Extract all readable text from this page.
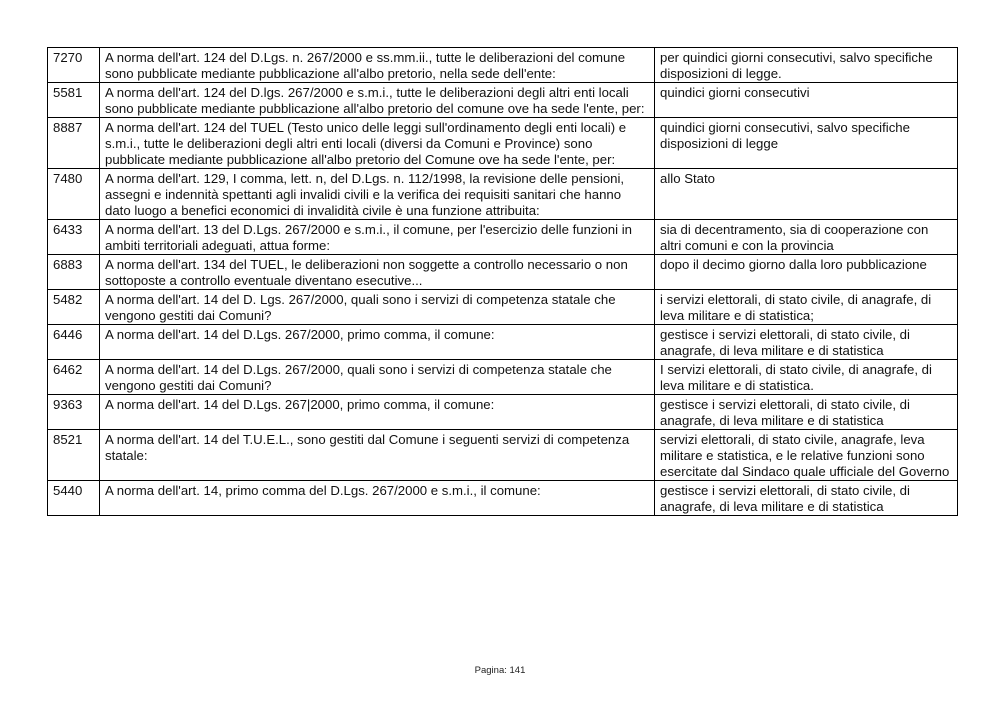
7270	A norma dell'art. 124 del D.Lgs. n. 267/2000 e ss.mm.ii., tutte le deliberazioni del comune sono pubblicate mediante pubblicazione all'albo pretorio, nella sede dell'ente:	per quindici giorni consecutivi, salvo specifiche disposizioni di legge.
5581	A norma dell'art. 124 del D.lgs. 267/2000 e s.m.i., tutte le deliberazioni degli altri enti locali sono pubblicate mediante pubblicazione all'albo pretorio del comune ove ha sede l'ente, per:	quindici giorni consecutivi
8887	A norma dell'art. 124 del TUEL (Testo unico delle leggi sull'ordinamento degli enti locali) e s.m.i., tutte le deliberazioni degli altri enti locali (diversi da Comuni e Province) sono pubblicate mediante pubblicazione all'albo pretorio del Comune ove ha sede l'ente, per:	quindici giorni consecutivi, salvo specifiche disposizioni di legge
7480	A norma dell'art. 129, I comma, lett. n, del D.Lgs. n. 112/1998, la revisione delle pensioni, assegni e indennità spettanti agli invalidi civili e la verifica dei requisiti sanitari che hanno dato luogo a benefici economici di invalidità civile è una funzione attribuita:	allo Stato
6433	A norma dell'art. 13 del D.Lgs. 267/2000 e s.m.i., il comune, per l'esercizio delle funzioni in ambiti territoriali adeguati, attua forme:	sia di decentramento, sia di cooperazione con altri comuni e con la provincia
6883	A norma dell'art. 134 del TUEL, le deliberazioni non soggette a controllo necessario o non sottoposte a controllo eventuale diventano esecutive...	dopo il decimo giorno dalla loro pubblicazione
5482	A norma dell'art. 14 del D. Lgs. 267/2000, quali sono i servizi di competenza statale che vengono gestiti dai Comuni?	i servizi elettorali, di stato civile, di anagrafe, di leva militare e di statistica;
6446	A norma dell'art. 14 del D.Lgs. 267/2000, primo comma, il comune:	gestisce i servizi elettorali, di stato civile, di anagrafe, di leva militare e di statistica
6462	A norma dell'art. 14 del D.Lgs. 267/2000, quali sono i servizi di competenza statale che vengono gestiti dai Comuni?	I servizi elettorali, di stato civile, di anagrafe, di leva militare e di statistica.
9363	A norma dell'art. 14 del D.Lgs. 267|2000, primo comma, il comune:	gestisce i servizi elettorali, di stato civile, di anagrafe, di leva militare e di statistica
8521	A norma dell'art. 14 del T.U.E.L., sono gestiti dal Comune i seguenti servizi di competenza statale:	servizi elettorali, di stato civile, anagrafe, leva militare e statistica, e le relative funzioni sono esercitate dal Sindaco quale ufficiale del Governo
5440	A norma dell'art. 14, primo comma del D.Lgs. 267/2000 e s.m.i., il comune:	gestisce i servizi elettorali, di stato civile, di anagrafe, di leva militare e di statistica
Pagina: 141
